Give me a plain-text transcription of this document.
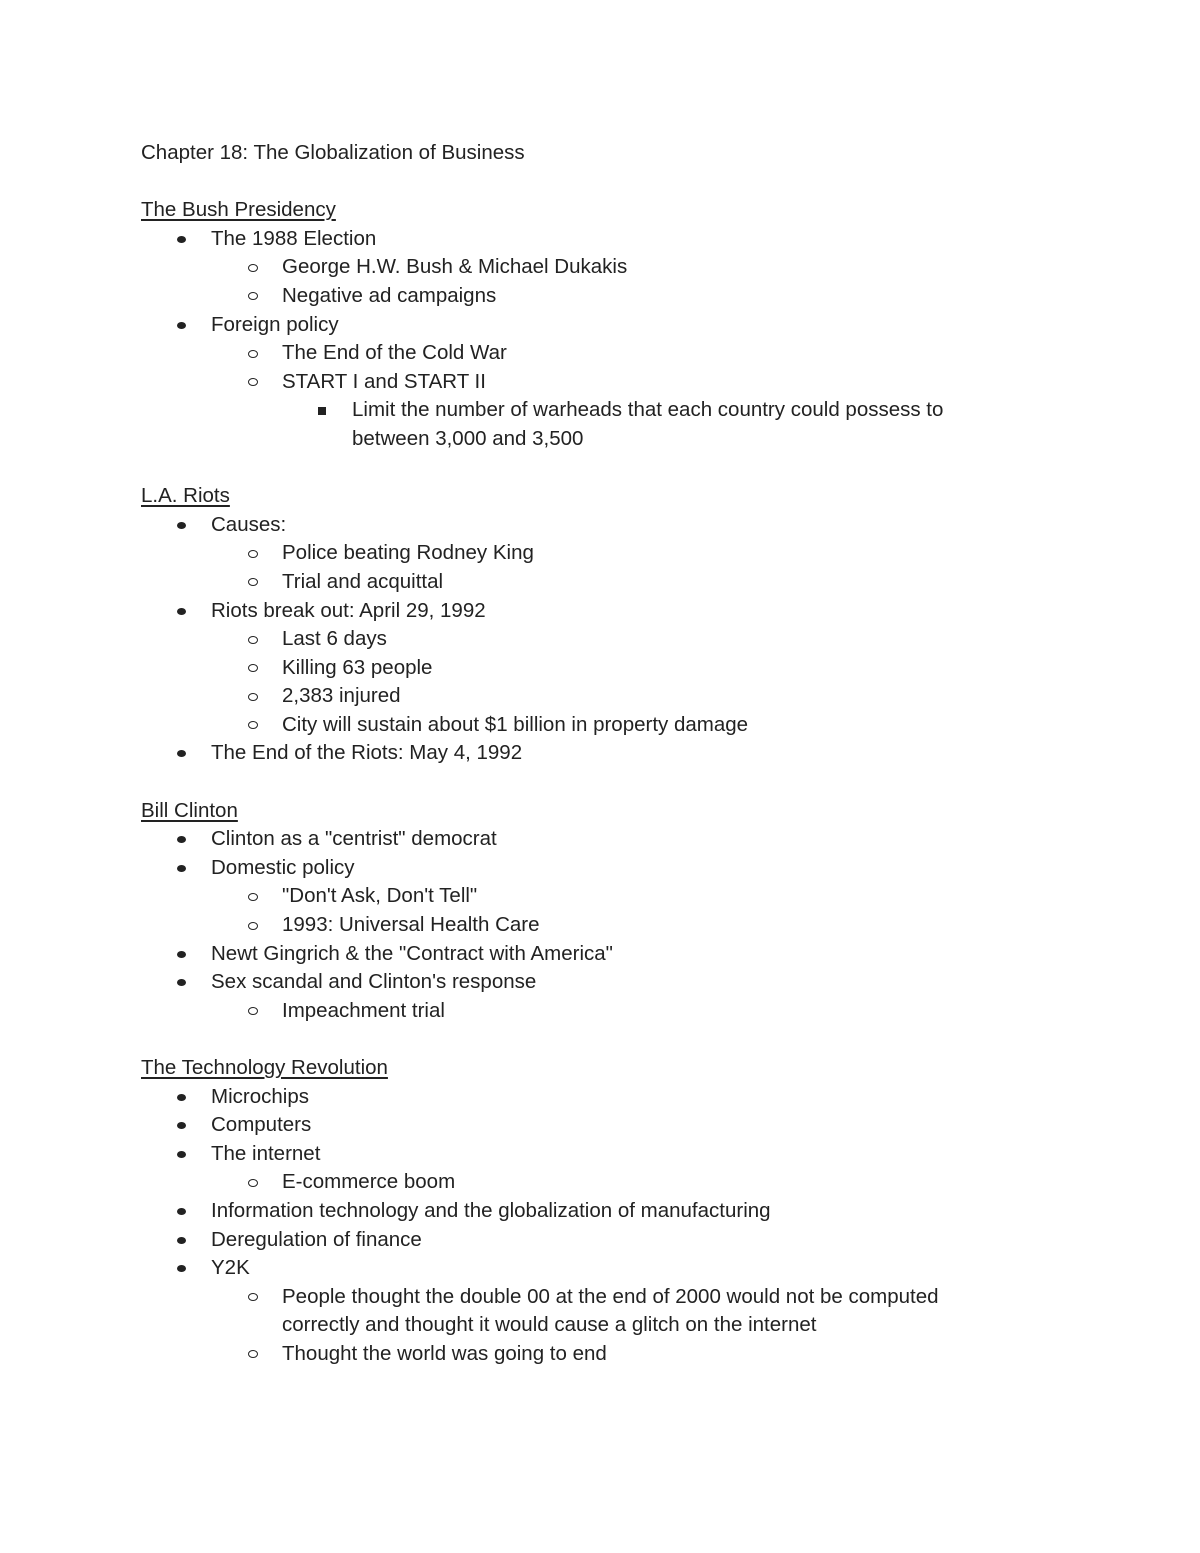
Chapter 18: The Globalization of Business
The Bush Presidency
The 1988 Election
George H.W. Bush & Michael Dukakis
Negative ad campaigns
Foreign policy
The End of the Cold War
START I and START II
Limit the number of warheads that each country could possess to between 3,000 and 3,500
L.A. Riots
Causes:
Police beating Rodney King
Trial and acquittal
Riots break out: April 29, 1992
Last 6 days
Killing 63 people
2,383 injured
City will sustain about $1 billion in property damage
The End of the Riots: May 4, 1992
Bill Clinton
Clinton as a "centrist" democrat
Domestic policy
"Don't Ask, Don't Tell"
1993: Universal Health Care
Newt Gingrich & the "Contract with America"
Sex scandal and Clinton's response
Impeachment trial
The Technology Revolution
Microchips
Computers
The internet
E-commerce boom
Information technology and the globalization of manufacturing
Deregulation of finance
Y2K
People thought the double 00 at the end of 2000 would not be computed correctly and thought it would cause a glitch on the internet
Thought the world was going to end
